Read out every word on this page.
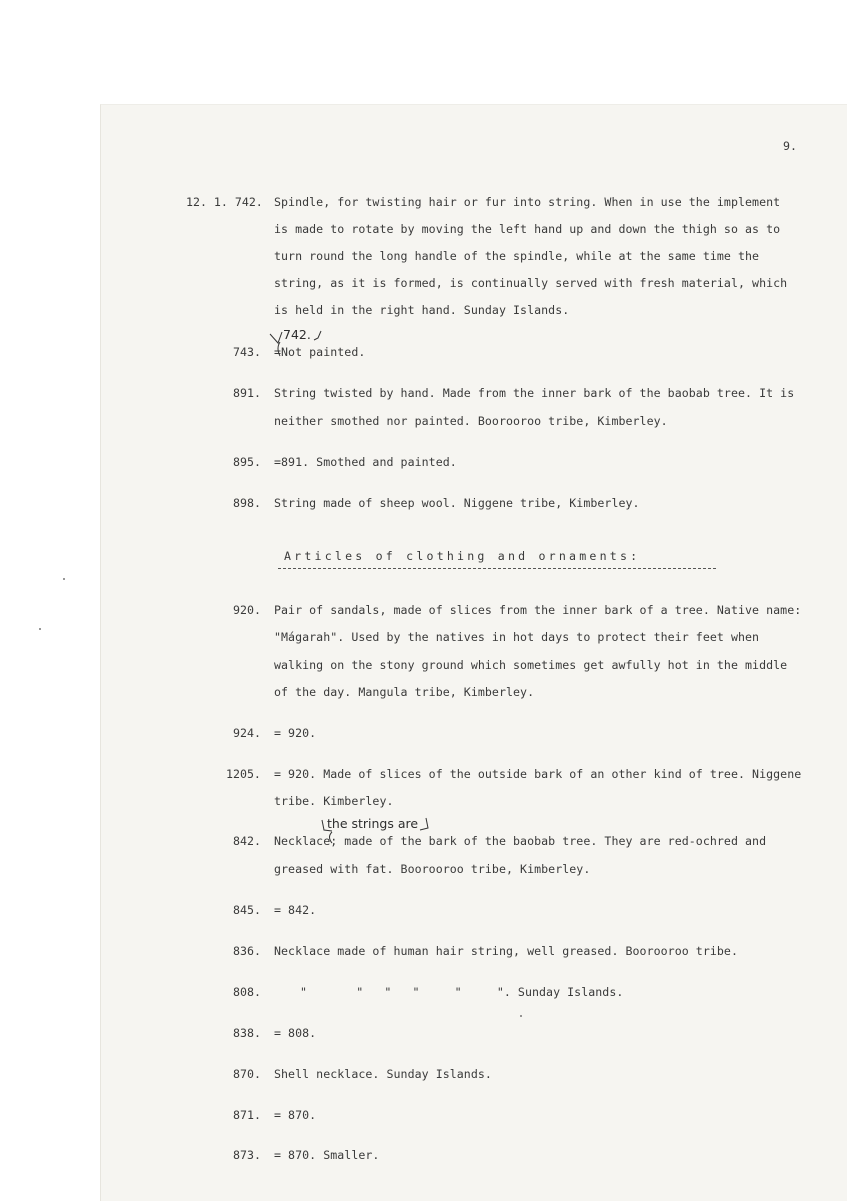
9.
12. 1. 742. Spindle, for twisting hair or fur into string. When in use the implement
is made to rotate by moving the left hand up and down the thigh so as to
turn round the long handle of the spindle, while at the same time the
string, as it is formed, is continually served with fresh material, which
is held in the right hand. Sunday Islands.
743.
742.
=Not painted.
891. String twisted by hand. Made from the inner bark of the baobab tree. It is
neither smothed nor painted. Boorooroo tribe, Kimberley.
895. =891. Smothed and painted.
898. String made of sheep wool. Niggene tribe, Kimberley.
Articles of clothing and ornaments:
920. Pair of sandals, made of slices from the inner bark of a tree. Native name:
"Mágarah". Used by the natives in hot days to protect their feet when
walking on the stony ground which sometimes get awfully hot in the middle
of the day. Mangula tribe, Kimberley.
924. = 920.
1205. = 920. Made of slices of the outside bark of an other kind of tree. Niggene
tribe. Kimberley.
842.
the strings are
Necklace; made of the bark of the baobab tree. They are red-ochred and
greased with fat. Boorooroo tribe, Kimberley.
845. = 842.
836. Necklace made of human hair string, well greased. Boorooroo tribe.
808.	"       "   "   "     "     ". Sunday Islands.
838. = 808.
870. Shell necklace. Sunday Islands.
871. = 870.
873. = 870. Smaller.
